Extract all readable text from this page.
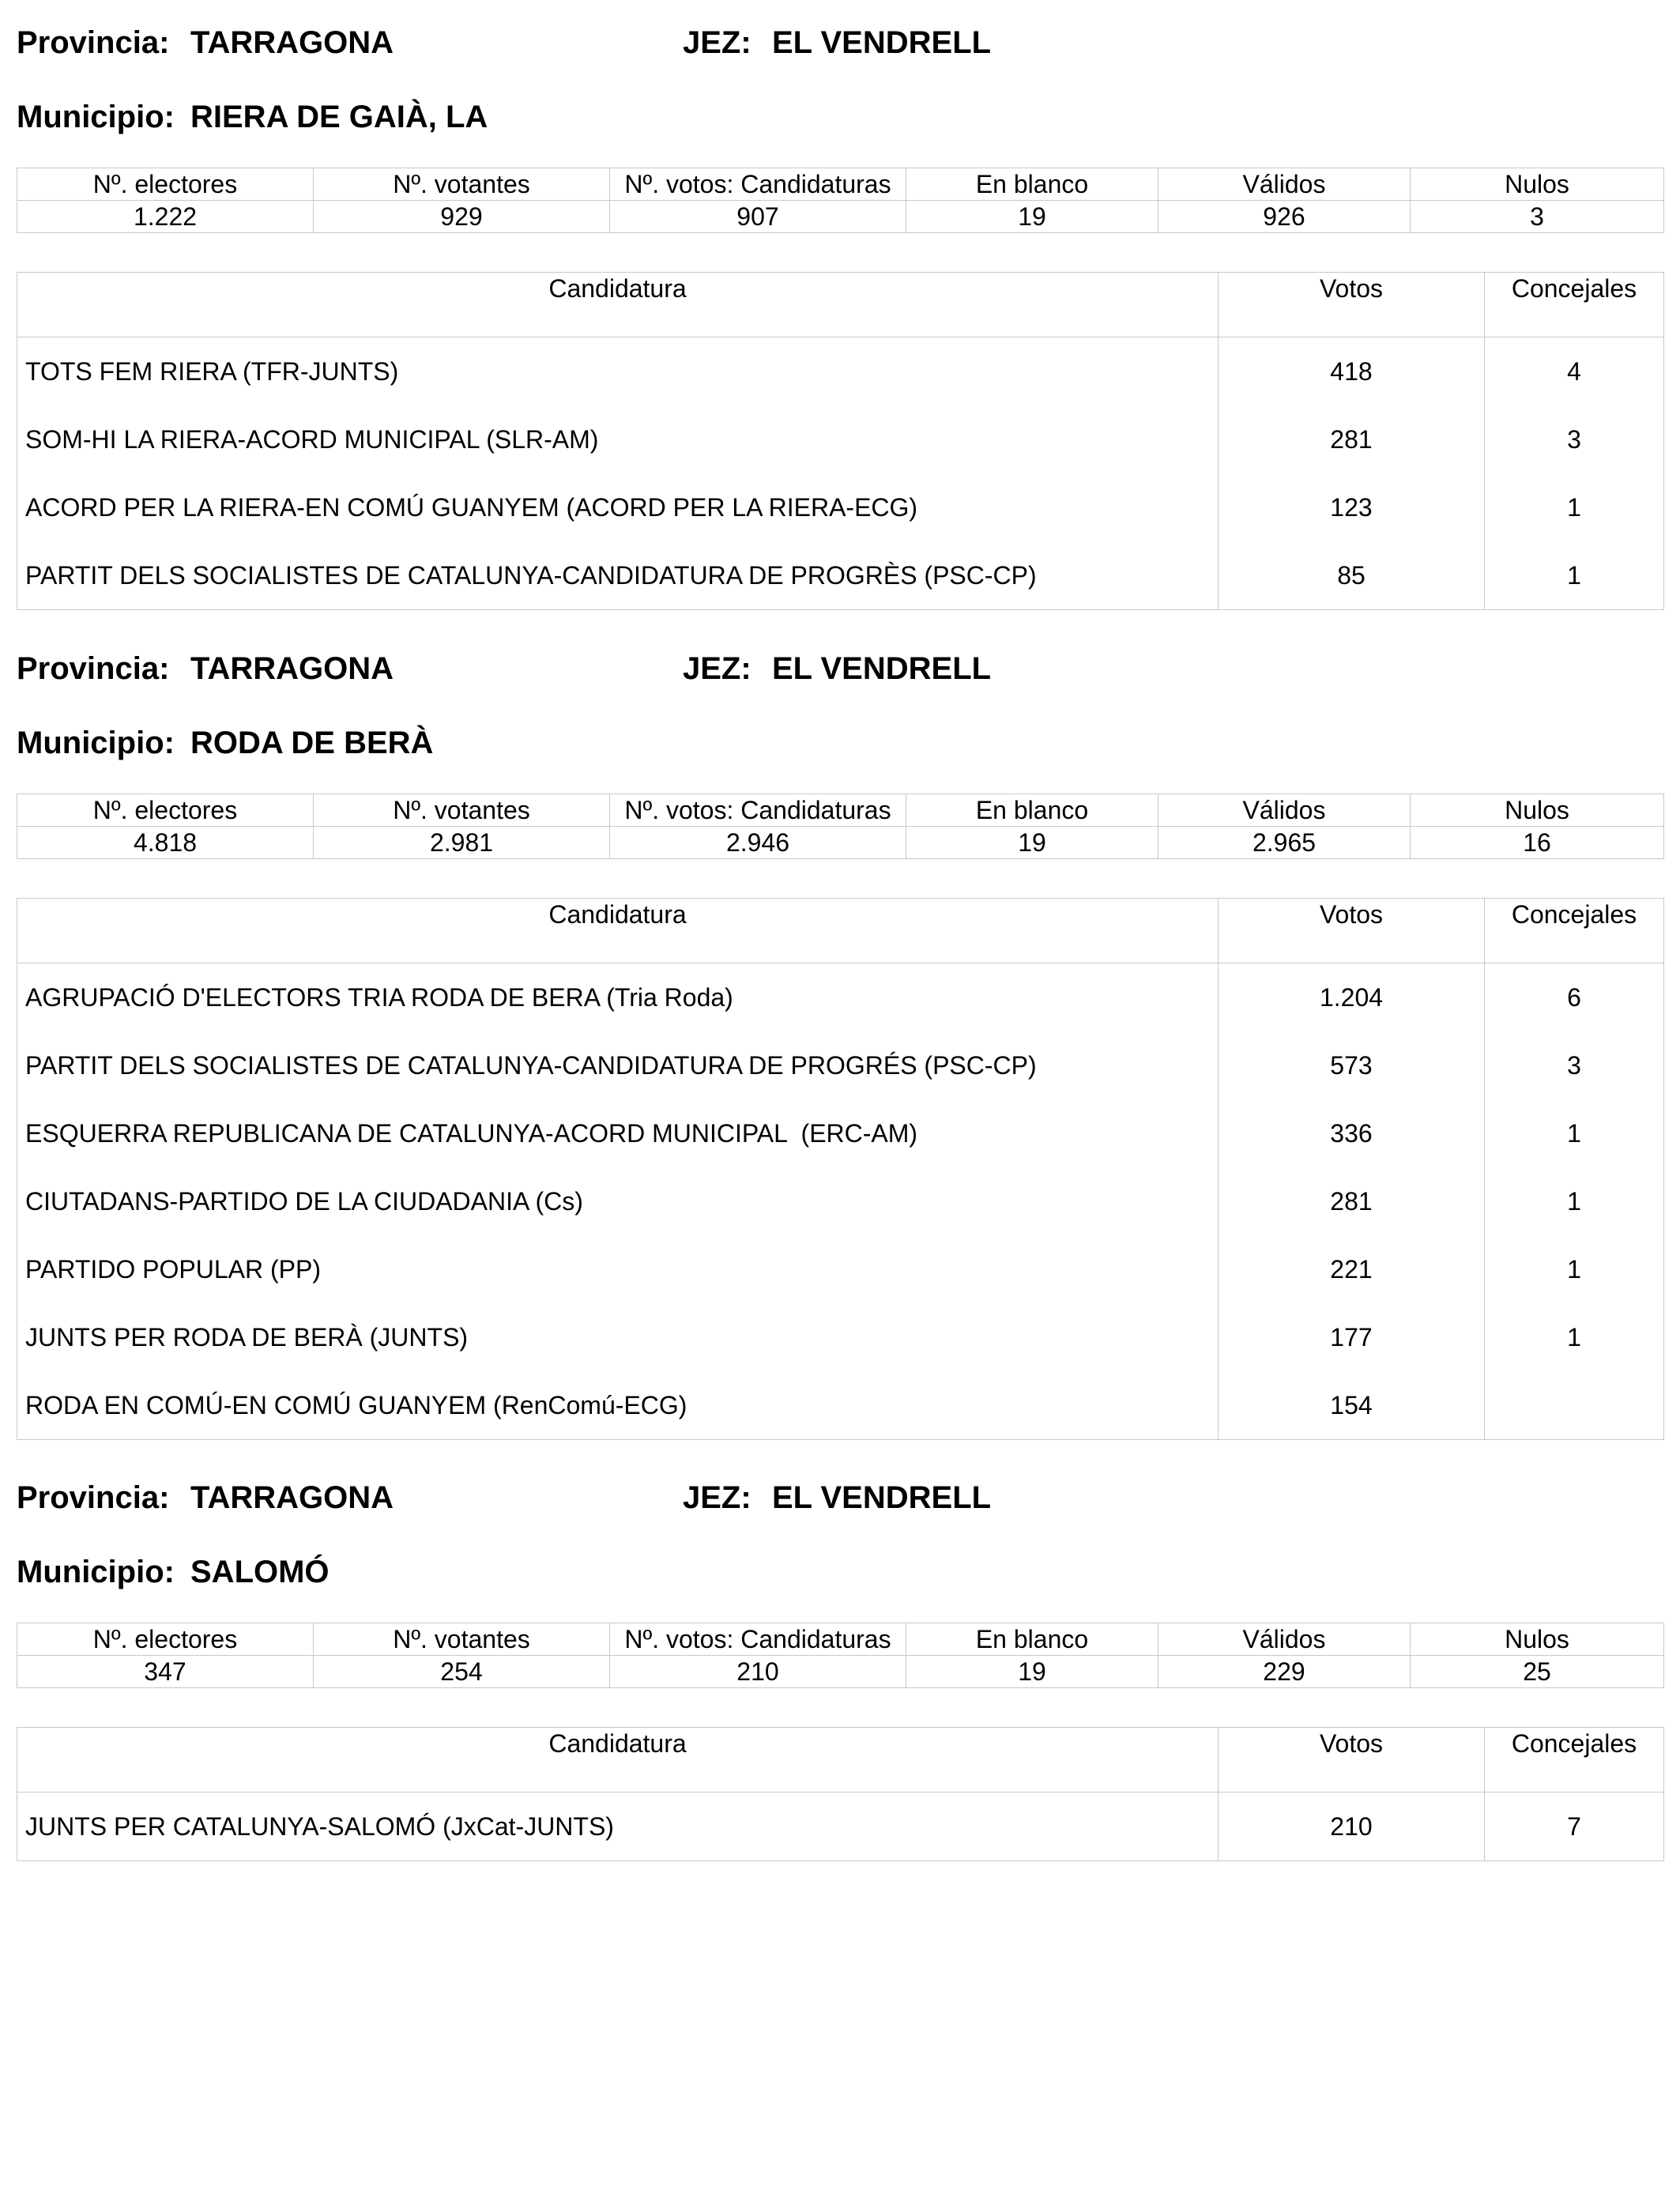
Provincia: TARRAGONA	JEZ: EL VENDRELL
Municipio: RIERA DE GAIÀ, LA
Nº. electores	Nº. votantes	Nº. votos: Candidaturas	En blanco	Válidos	Nulos
1.222	929	907	19	926	3
Candidatura	Votos	Concejales
TOTS FEM RIERA (TFR-JUNTS)	418	4
SOM-HI LA RIERA-ACORD MUNICIPAL (SLR-AM)	281	3
ACORD PER LA RIERA-EN COMÚ GUANYEM (ACORD PER LA RIERA-ECG)	123	1
PARTIT DELS SOCIALISTES DE CATALUNYA-CANDIDATURA DE PROGRÈS (PSC-CP)	85	1
Provincia: TARRAGONA	JEZ: EL VENDRELL
Municipio: RODA DE BERÀ
Nº. electores	Nº. votantes	Nº. votos: Candidaturas	En blanco	Válidos	Nulos
4.818	2.981	2.946	19	2.965	16
Candidatura	Votos	Concejales
AGRUPACIÓ D'ELECTORS TRIA RODA DE BERA (Tria Roda)	1.204	6
PARTIT DELS SOCIALISTES DE CATALUNYA-CANDIDATURA DE PROGRÉS (PSC-CP)	573	3
ESQUERRA REPUBLICANA DE CATALUNYA-ACORD MUNICIPAL  (ERC-AM)	336	1
CIUTADANS-PARTIDO DE LA CIUDADANIA (Cs)	281	1
PARTIDO POPULAR (PP)	221	1
JUNTS PER RODA DE BERÀ (JUNTS)	177	1
RODA EN COMÚ-EN COMÚ GUANYEM (RenComú-ECG)	154	
Provincia: TARRAGONA	JEZ: EL VENDRELL
Municipio: SALOMÓ
Nº. electores	Nº. votantes	Nº. votos: Candidaturas	En blanco	Válidos	Nulos
347	254	210	19	229	25
Candidatura	Votos	Concejales
JUNTS PER CATALUNYA-SALOMÓ (JxCat-JUNTS)	210	7
